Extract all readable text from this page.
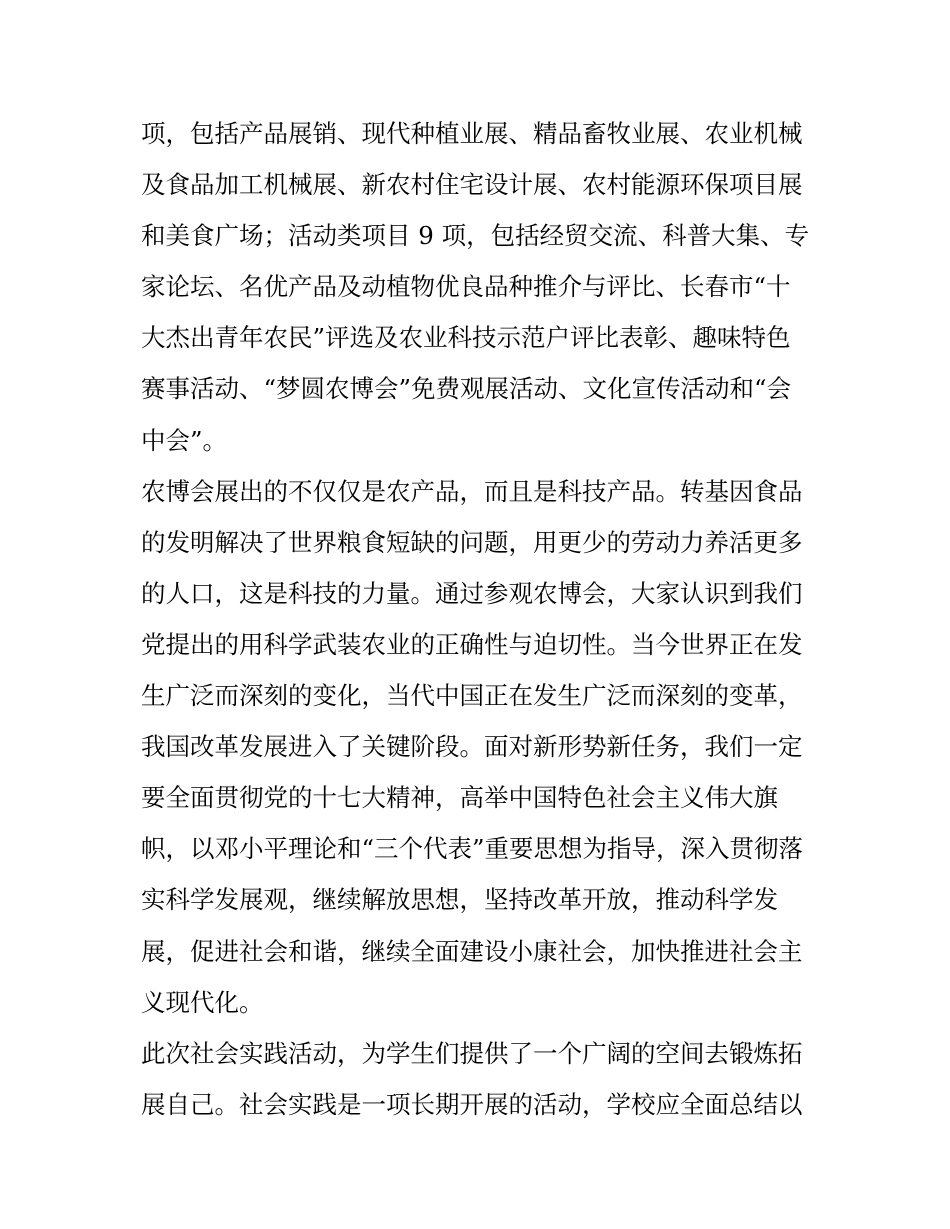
项，包括产品展销、现代种植业展、精品畜牧业展、农业机械
及食品加工机械展、新农村住宅设计展、农村能源环保项目展
和美食广场；活动类项目 9 项，包括经贸交流、科普大集、专
家论坛、名优产品及动植物优良品种推介与评比、长春市“十
大杰出青年农民”评选及农业科技示范户评比表彰、趣味特色
赛事活动、“梦圆农博会”免费观展活动、文化宣传活动和“会
中会”。
农博会展出的不仅仅是农产品，而且是科技产品。转基因食品
的发明解决了世界粮食短缺的问题，用更少的劳动力养活更多
的人口，这是科技的力量。通过参观农博会，大家认识到我们
党提出的用科学武装农业的正确性与迫切性。当今世界正在发
生广泛而深刻的变化，当代中国正在发生广泛而深刻的变革，
我国改革发展进入了关键阶段。面对新形势新任务，我们一定
要全面贯彻党的十七大精神，高举中国特色社会主义伟大旗
帜，以邓小平理论和“三个代表”重要思想为指导，深入贯彻落
实科学发展观，继续解放思想，坚持改革开放，推动科学发
展，促进社会和谐，继续全面建设小康社会，加快推进社会主
义现代化。
此次社会实践活动，为学生们提供了一个广阔的空间去锻炼拓
展自己。社会实践是一项长期开展的活动，学校应全面总结以
